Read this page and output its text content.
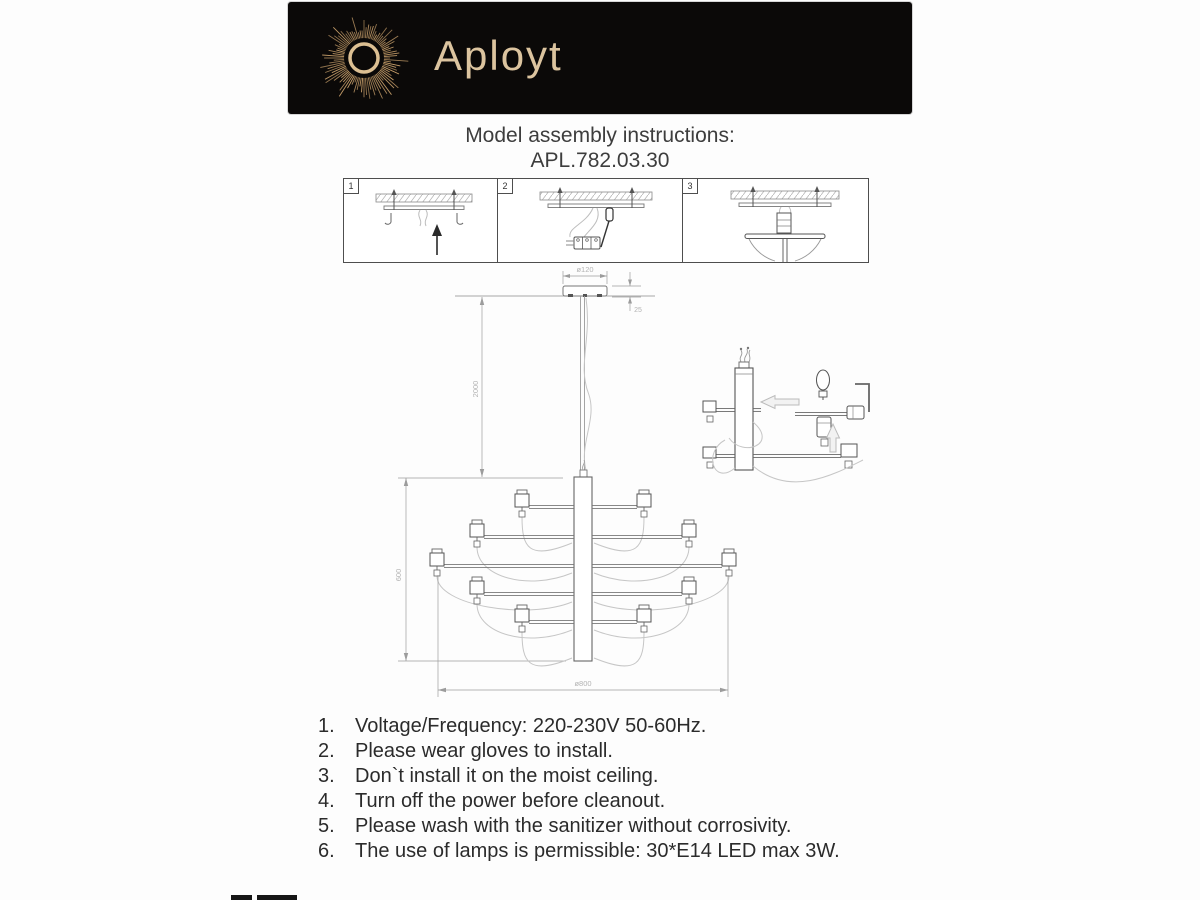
Aployt
Model assembly instructions:
APL.782.03.30
1	2	3
ø120
25
2000
600
ø800
1.	Voltage/Frequency: 220-230V 50-60Hz.
2.	Please wear gloves to install.
3.	Don`t install it on the moist ceiling.
4.	Turn off the power before cleanout.
5.	Please wash with the sanitizer without corrosivity.
6.	The use of lamps is permissible: 30*E14 LED max 3W.
